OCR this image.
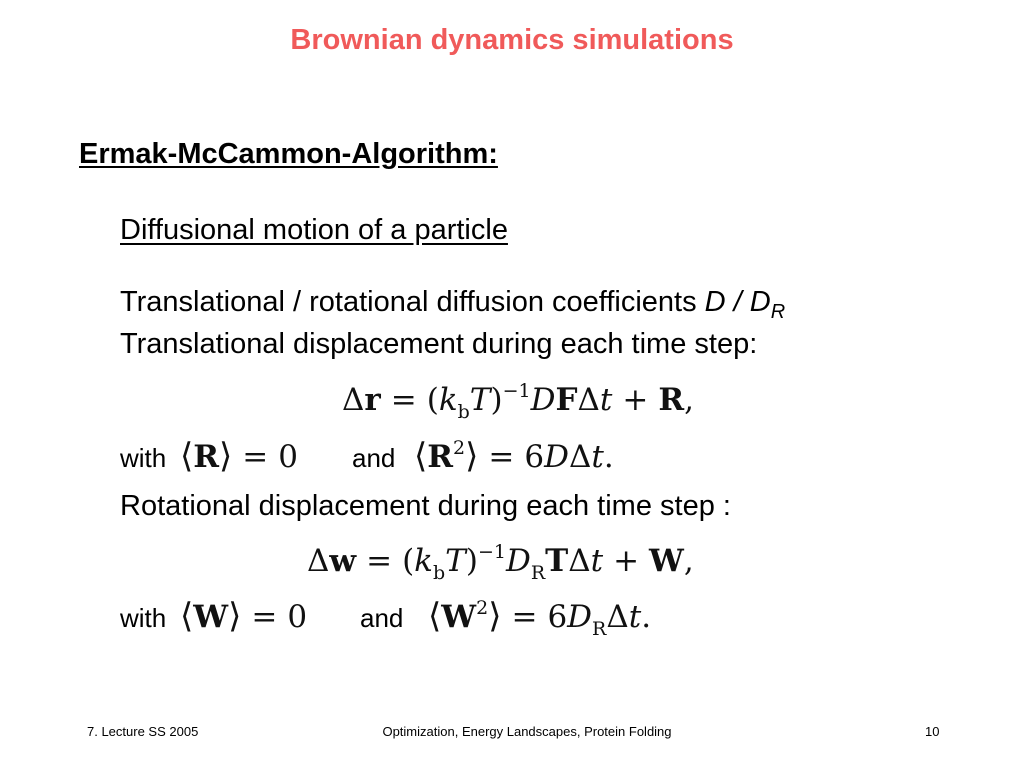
Brownian dynamics simulations
Ermak-McCammon-Algorithm:
Diffusional motion of a particle
Translational / rotational diffusion coefficients D / $D_R$
Translational displacement during each time step:
$\Delta r = (k_bT)^{-1}DF\Delta t + R$,
with ⟨R⟩ = 0 and $⟨R^2⟩ = 6D\Delta t$.
Rotational displacement during each time step :
$\Delta w = (k_bT)^{-1}D_RT\Delta t + W$,
with ⟨W⟩ = 0 and $⟨W^2⟩ = 6D_R\Delta t$.
7. Lecture SS 2005	Optimization, Energy Landscapes, Protein Folding	10
